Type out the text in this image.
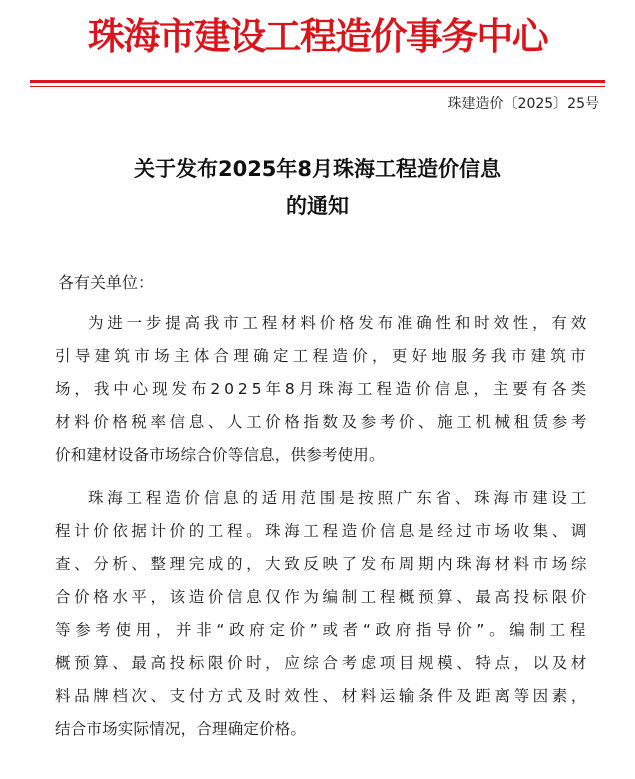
珠海市建设工程造价事务中心
珠建造价〔2025〕25号
关于发布2025年8月珠海工程造价信息
的通知
各有关单位：
为进一步提高我市工程材料价格发布准确性和时效性，有效
引导建筑市场主体合理确定工程造价，更好地服务我市建筑市
场，我中心现发布2025年8月珠海工程造价信息，主要有各类
材料价格税率信息、人工价格指数及参考价、施工机械租赁参考
价和建材设备市场综合价等信息，供参考使用。
珠海工程造价信息的适用范围是按照广东省、珠海市建设工
程计价依据计价的工程。珠海工程造价信息是经过市场收集、调
查、分析、整理完成的，大致反映了发布周期内珠海材料市场综
合价格水平，该造价信息仅作为编制工程概预算、最高投标限价
等参考使用，并非“政府定价”或者“政府指导价”。编制工程
概预算、最高投标限价时，应综合考虑项目规模、特点，以及材
料品牌档次、支付方式及时效性、材料运输条件及距离等因素，
结合市场实际情况，合理确定价格。
